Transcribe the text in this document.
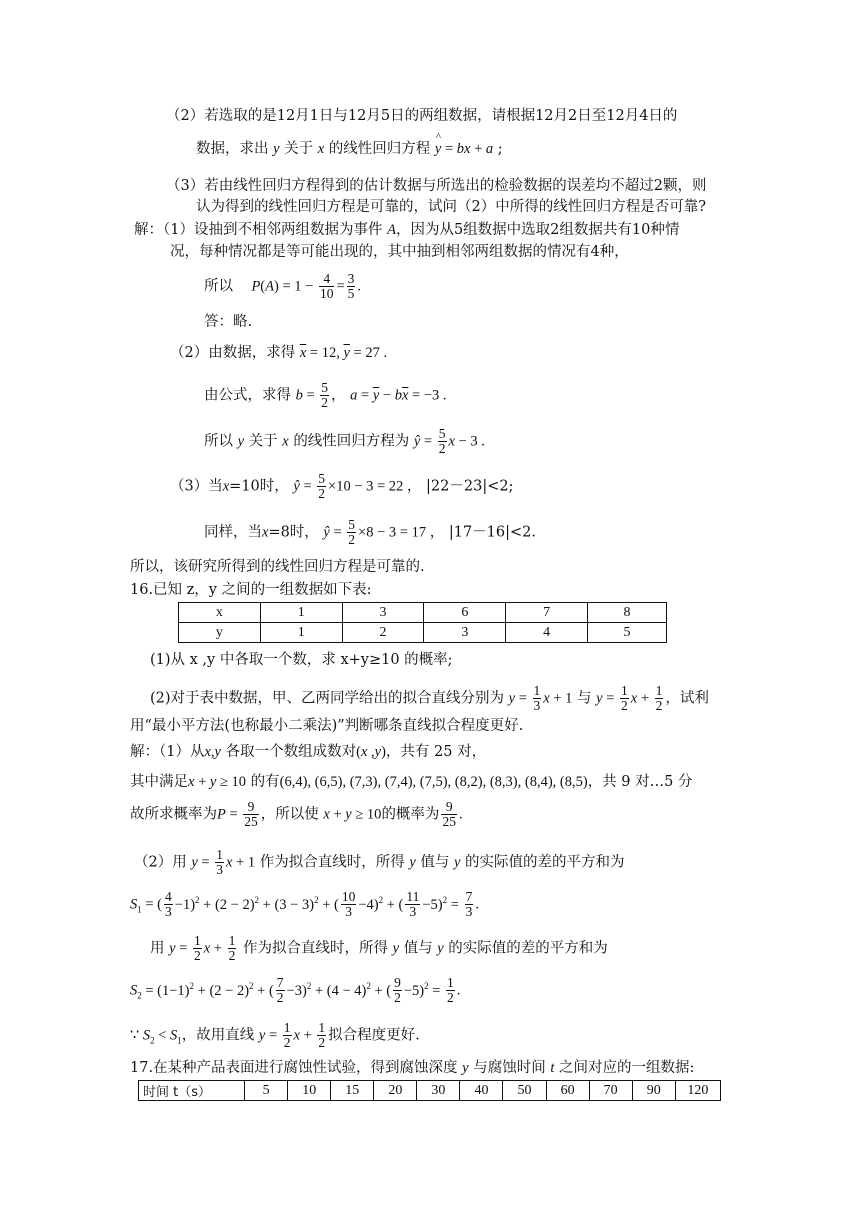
（2）若选取的是12月1日与12月5日的两组数据，请根据12月2日至12月4日的
数据，求出 y 关于 x 的线性回归方程 y
^
= bx + a ;
（3）若由线性回归方程得到的估计数据与所选出的检验数据的误差均不超过2颗，则
认为得到的线性回归方程是可靠的，试问（2）中所得的线性回归方程是否可靠?
解：（1）设抽到不相邻两组数据为事件 A，因为从5组数据中选取2组数据共有10种情
况，每种情况都是等可能出现的，其中抽到相邻两组数据的情况有4种，
所以 $P(A) = 1 - \frac{4}{10} = \frac{3}{5}$ .
答：略.
（2）由数据，求得 $\overline{x} = 12$, $\overline{y} = 27$ .
由公式，求得 $b = \frac{5}{2}$ ， $a = \overline{y} - b\overline{x} = -3$ .
所以 y 关于 x 的线性回归方程为 ŷ = $\frac{5}{2}$ x − 3 .
（3）当x=10时， ŷ = $\frac{5}{2} \times 10 - 3 = 22$ ， |22－23|<2;
同样，当x=8时， ŷ = $\frac{5}{2} \times 8 - 3 = 17$ ， |17－16|<2.
所以，该研究所得到的线性回归方程是可靠的.
16.已知 z，y 之间的一组数据如下表:
x	1	3	6	7	8
y	1	2	3	4	5
(1)从 x ,y 中各取一个数，求 x+y≥10 的概率;
(2)对于表中数据，甲、乙两同学给出的拟合直线分别为 $y = \frac{1}{3}$ x + 1 与 $y = \frac{1}{2}$ $x + \frac{1}{2}$ ，试利
用“最小平方法(也称最小二乘法)”判断哪条直线拟合程度更好.
解：（1）从x,y 各取一个数组成数对(x ,y)，共有 25 对，
其中满足x + y ≥ 10 的有(6,4), (6,5), (7,3), (7,4), (7,5), (8,2), (8,3), (8,4), (8,5)，共 9 对…5 分
故所求概率为$P = \frac{9}{25}$ ，所以使 x + y ≥ 10的概率为 $\frac{9}{25}$ .
（2）用 $y = \frac{1}{3}$ x + 1 作为拟合直线时，所得 y 值与 y 的实际值的差的平方和为
$S_1$ = ( $\frac{4}{3} -1)^2 + (2 - 2)^2 + (3 - 3)^2$ + ( $\frac{10}{3} -4)^2$ + ( $\frac{11}{3} -5)^2 = \frac{7}{3}$ .
用 $y = \frac{1}{2}$ $x + \frac{1}{2}$ 作为拟合直线时，所得 y 值与 y 的实际值的差的平方和为
$S_2 = (1-1)^2 + (2 - 2)^2$ + ( $\frac{7}{2} -3)^2 + (4 - 4)^2$ + ( $\frac{9}{2} -5)^2 = \frac{1}{2}$ .
∵ $S_2 < S_1$，故用直线 $y = \frac{1}{2}$ $x + \frac{1}{2}$ 拟合程度更好.
17.在某种产品表面进行腐蚀性试验，得到腐蚀深度 y 与腐蚀时间 t 之间对应的一组数据:
时间 t（s）	5	10	15	20	30	40	50	60	70	90	120
